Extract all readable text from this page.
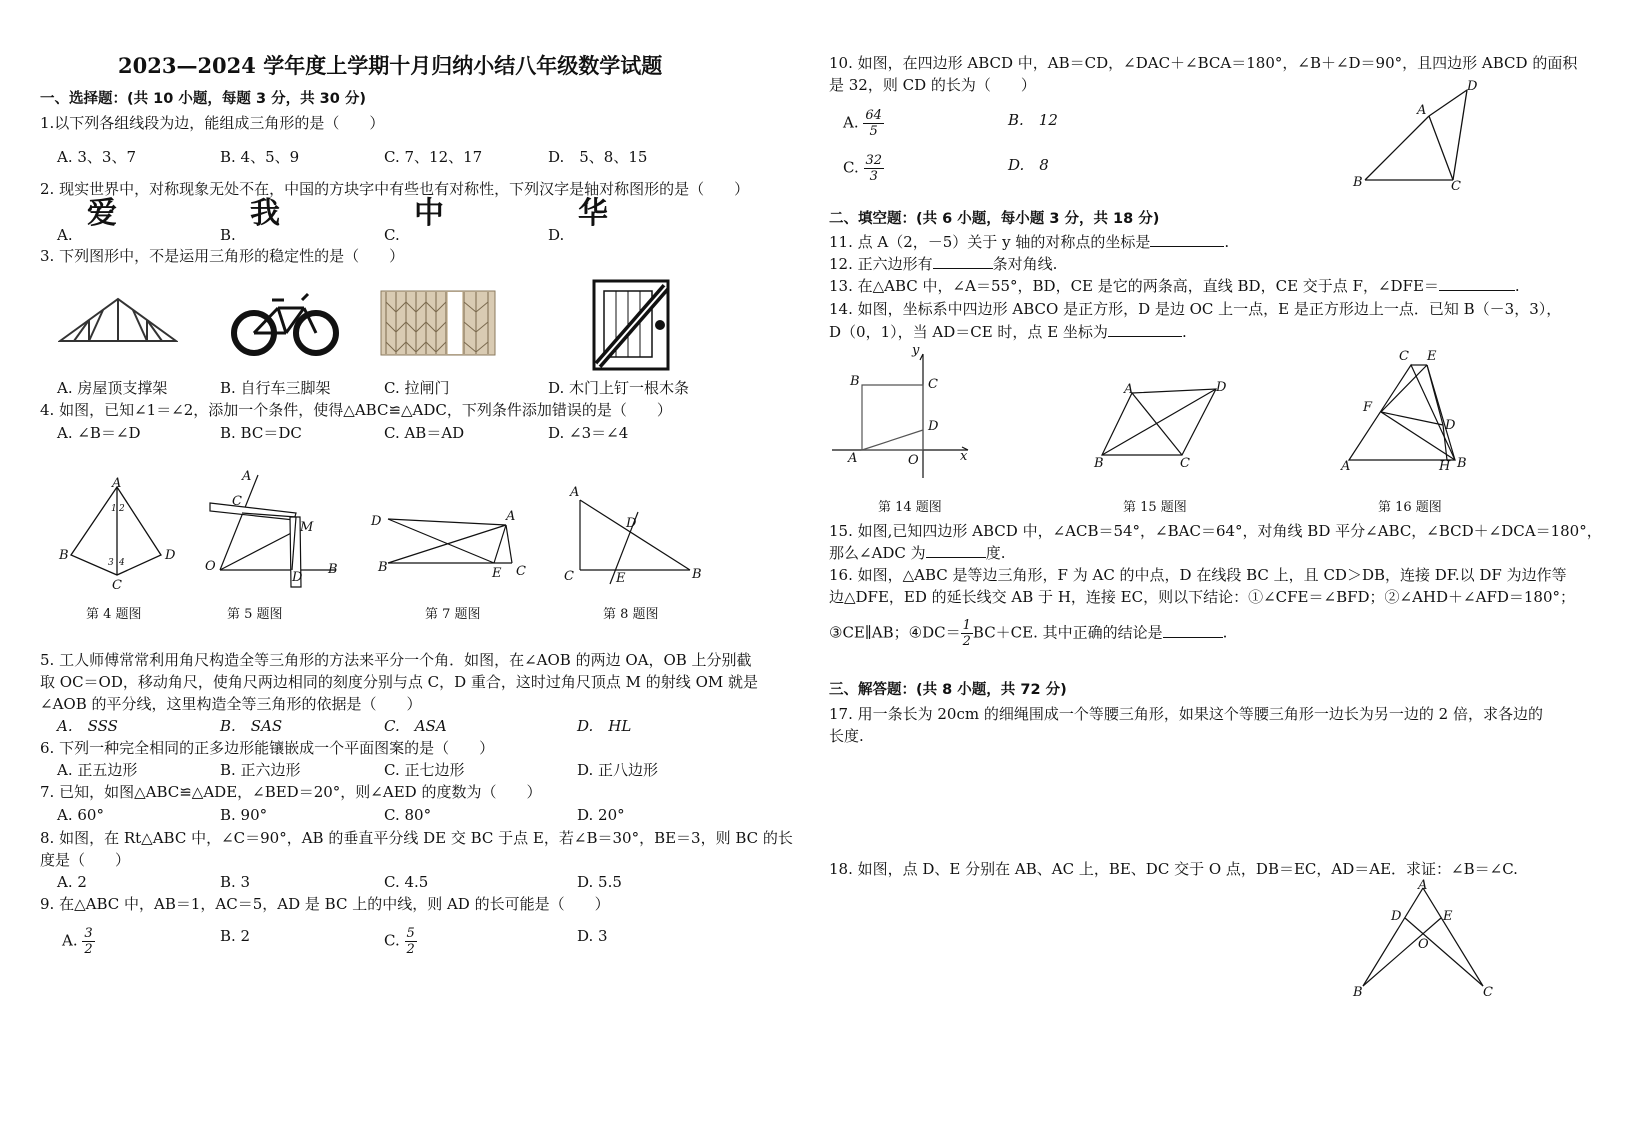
2023—2024 学年度上学期十月归纳小结八年级数学试题
一、选择题：(共 10 小题，每题 3 分，共 30 分)
1.以下列各组线段为边，能组成三角形的是（　　）
A. 3、3、7	B. 4、5、9	C. 7、12、17	D.　5、8、15
2. 现实世界中，对称现象无处不在，中国的方块字中有些也有对称性，下列汉字是轴对称图形的是（　　）
A.
爱
B.
我
C.
中
D.
华
3. 下列图形中，不是运用三角形的稳定性的是（　　）
A. 房屋顶支撑架	B. 自行车三脚架	C. 拉闸门	D. 木门上钉一根木条
4. 如图，已知∠1＝∠2，添加一个条件，使得△ABC≌△ADC，下列条件添加错误的是（　　）
A. ∠B＝∠D	B. BC＝DC	C. AB＝AD	D. ∠3＝∠4
A
B
C
D
1 2
3 4
A
C
M
O
D
B
D	A
B	E C
A
D
C	E	B
第 4 题图	第 5 题图	第 7 题图	第 8 题图
5. 工人师傅常常利用角尺构造全等三角形的方法来平分一个角．如图，在∠AOB 的两边 OA，OB 上分别截
取 OC＝OD，移动角尺，使角尺两边相同的刻度分别与点 C，D 重合，这时过角尺顶点 M 的射线 OM 就是
∠AOB 的平分线，这里构造全等三角形的依据是（　　）
A.　SSS	B.　SAS	C.　ASA	D.　HL
6. 下列一种完全相同的正多边形能镶嵌成一个平面图案的是（　　）
A. 正五边形	B. 正六边形	C. 正七边形	D. 正八边形
7. 已知，如图△ABC≌△ADE，∠BED＝20°，则∠AED 的度数为（　　）
A. 60°	B. 90°	C. 80°	D. 20°
8. 如图，在 Rt△ABC 中，∠C＝90°，AB 的垂直平分线 DE 交 BC 于点 E，若∠B＝30°，BE＝3，则 BC 的长
度是（　　）
A. 2	B. 3	C. 4.5	D. 5.5
9. 在△ABC 中，AB＝1，AC＝5，AD 是 BC 上的中线，则 AD 的长可能是（　　）
A. $\frac{3}{2}$	B. 2	C. $\frac{5}{2}$	D. 3
10. 如图，在四边形 ABCD 中，AB＝CD，∠DAC＋∠BCA＝180°，∠B＋∠D＝90°，且四边形 ABCD 的面积
是 32，则 CD 的长为（　　）
A. $\frac{64}{5}$	B.　12
C. $\frac{32}{3}$	D.　8
A
D
B	C
二、填空题：(共 6 小题，每小题 3 分，共 18 分)
11. 点 A（2，－5）关于 y 轴的对称点的坐标是	.
12. 正六边形有	条对角线.
13. 在△ABC 中，∠A＝55°，BD，CE 是它的两条高，直线 BD，CE 交于点 F，∠DFE＝	.
14. 如图，坐标系中四边形 ABCO 是正方形，D 是边 OC 上一点，E 是正方形边上一点．已知 B（－3，3），
D（0，1），当 AD＝CE 时，点 E 坐标为	.
y
B	C
D
A	O	x
A	D
B	C
C E
F
D
A	H B
第 14 题图	第 15 题图	第 16 题图
15. 如图,已知四边形 ABCD 中，∠ACB＝54°，∠BAC＝64°，对角线 BD 平分∠ABC，∠BCD＋∠DCA＝180°，
那么∠ADC 为	度.
16. 如图，△ABC 是等边三角形，F 为 AC 的中点，D 在线段 BC 上，且 CD＞DB，连接 DF.以 DF 为边作等
边△DFE，ED 的延长线交 AB 于 H，连接 EC，则以下结论：①∠CFE＝∠BFD；②∠AHD＋∠AFD＝180°；
③CE∥AB；④DC＝ $\frac{1}{2} BC+CE$. 其中正确的结论是	.
三、解答题：(共 8 小题，共 72 分)
17. 用一条长为 20cm 的细绳围成一个等腰三角形，如果这个等腰三角形一边长为另一边的 2 倍，求各边的
长度.
18. 如图，点 D、E 分别在 AB、AC 上，BE、DC 交于 O 点，DB＝EC，AD＝AE．求证：∠B＝∠C.
A
D	E
O
B	C
